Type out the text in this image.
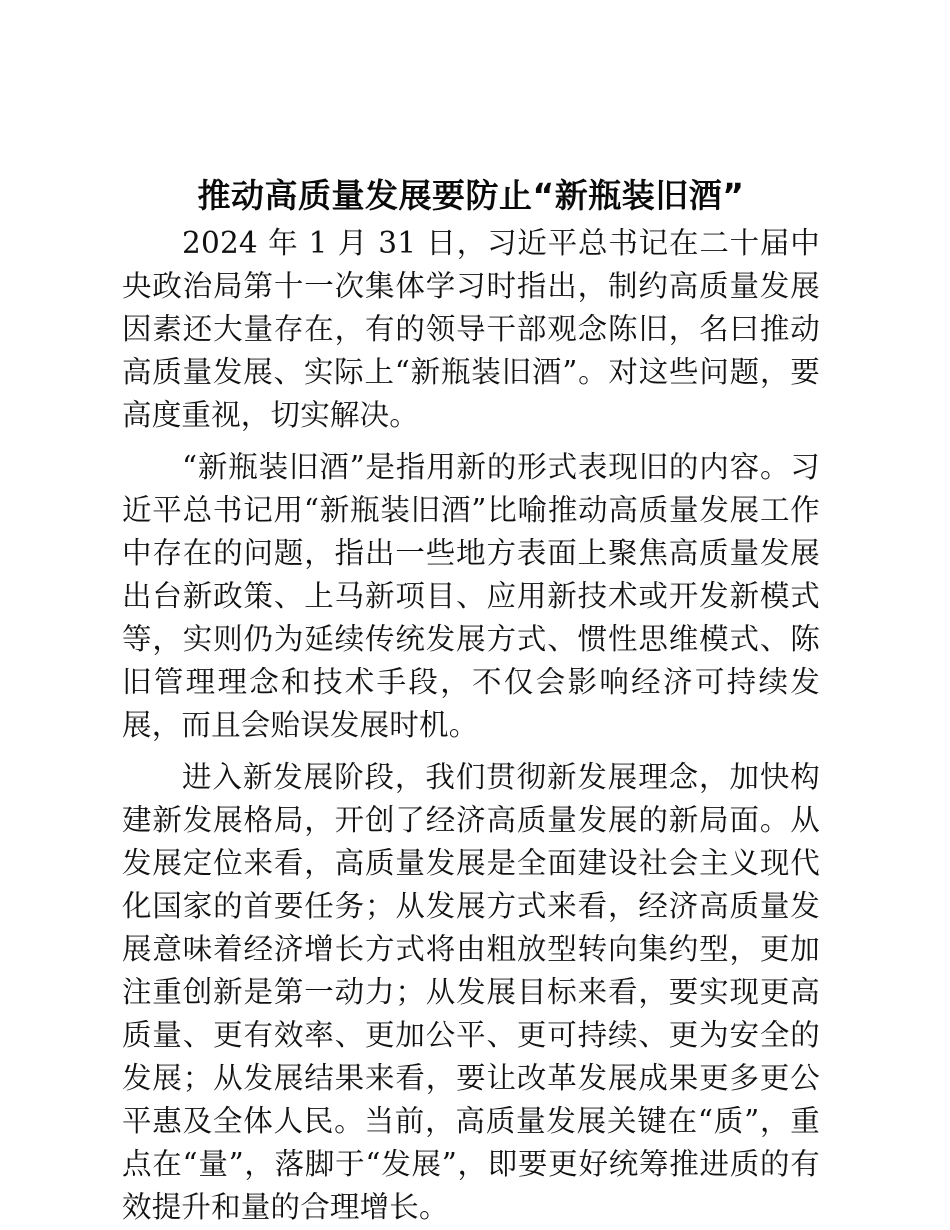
推动高质量发展要防止“新瓶装旧酒”

2024 年 1 月 31 日，习近平总书记在二十届中央政治局第十一次集体学习时指出，制约高质量发展因素还大量存在，有的领导干部观念陈旧，名曰推动高质量发展、实际上“新瓶装旧酒”。对这些问题，要高度重视，切实解决。

“新瓶装旧酒”是指用新的形式表现旧的内容。习近平总书记用“新瓶装旧酒”比喻推动高质量发展工作中存在的问题，指出一些地方表面上聚焦高质量发展出台新政策、上马新项目、应用新技术或开发新模式等，实则仍为延续传统发展方式、惯性思维模式、陈旧管理理念和技术手段，不仅会影响经济可持续发展，而且会贻误发展时机。

进入新发展阶段，我们贯彻新发展理念，加快构建新发展格局，开创了经济高质量发展的新局面。从发展定位来看，高质量发展是全面建设社会主义现代化国家的首要任务；从发展方式来看，经济高质量发展意味着经济增长方式将由粗放型转向集约型，更加注重创新是第一动力；从发展目标来看，要实现更高质量、更有效率、更加公平、更可持续、更为安全的发展；从发展结果来看，要让改革发展成果更多更公平惠及全体人民。当前，高质量发展关键在“质”，重点在“量”，落脚于“发展”，即要更好统筹推进质的有效提升和量的合理增长。
